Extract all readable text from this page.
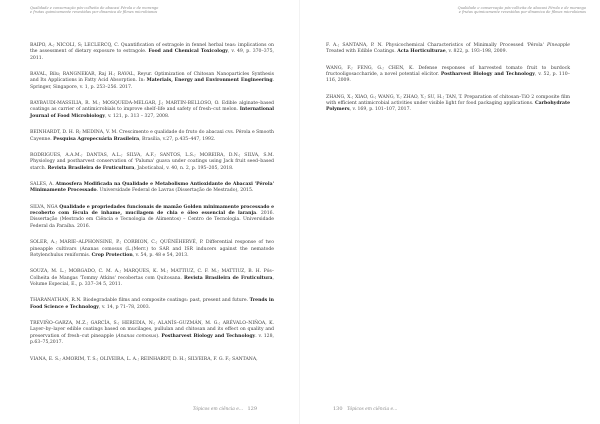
Qualidade e conservação pós-colheita de abacaxi Pérola e de morango
e frutas quimicamente revestidas por dinamica de filmes microbianos

BAIPO, A.; NICOLI, S; LECLERCQ, C. Quantification of estragole in fennel herbal teas: implications on the assessment of dietary exposure to estragole. Food and Chemical Toxicology, v. 49, p. 370–375, 2011.

BAVAL, Bilu; RANGNEKAR, Raj H.; RAVAL, Reyur. Optimization of Chitosan Nanoparticles Synthesis and Its Applications in Fatty Acid Absorption. In: Materials, Energy and Environment Engineering. Springer, Singapore, v. 1, p. 253–256. 2017.

BAYBAUDI-MASSILIA, R. M.; MOSQUEDA-MELGAR, J.; MARTIN-BELLOSO, O. Edible alginate–based coatings as carrier of antimicrobials to improve shelf–life and safety of fresh–cut melon. International Journal of Food Microbiology, v. 121, p. 313 – 327, 2008.

BEINHARDT, D. H. R; MEDINA, V. M. Crescimento e qualidade do fruto do abacaxi cvs. Pérola e Smooth Cayenne. Pesquisa Agropecuária Brasileira, Brasília, v.27, p.435–447, 1992.

RODRIGUES, A.A.M.; DANTAS, A.L.; SILVA, A.F.; SANTOS, L.S.; MOREIRA, D.N.; SILVA, S.M. Physiology and postharvest conservation of 'Paluma' guava under coatings using Jack fruit seed–based starch. Revista Brasileira de Fruticultura, Jaboticabal, v. 40, n. 2, p. 195–205, 2018.

SALES, A. Atmosfera Modificada na Qualidade e Metabolismo Antioxidante de Abacaxi 'Pérola' Minimamente Processado. Universidade Federal de Lavras (Dissertação de Mestrado), 2015.

SILVA, NGA Qualidade e propriedades funcionais de mamão Golden minimamente processado e recoberto com fécula de inhame, mucilagem de chia e óleo essencial de laranja. 2016. Dissertação (Mestrado em Ciência e Tecnologia de Alimentos) – Centro de Tecnologia. Universidade Federal da Paraíba. 2016.

SOLER, A.; MARIE–ALPHONSINE, P.; CORBION, C.; QUÉNÉHERVÉ, P. Differential response of two pineapple cultivars (Ananas comosus (L.)Merr.) to SAR and ISR inducers against the nematode Rotylenchulus reniformis. Crop Protection, v. 54, p. 48 e 54, 2013.

SOUZA, M. L.; MORGADO, C. M. A.; MARQUES, K. M.; MATTIUZ, C. F. M.; MATTIUZ, B. H. Pós–Colheita de Mangas 'Tommy Atkins' recobertas com Quitosana. Revista Brasileira de Fruticultura, Volume Especial, E., p. 337–34 5, 2011.

THARANATHAN, R.N. Biodegradable films and composite coatings: past, present and future. Trends in Food Science e Technology, v. 14, p 71–78, 2003.

TREVIÑO–GARZA, M.Z.; GARCÍA, S.; HEREDIA, N.; ALANÍS–GUZMÁN, M. G.; ARÉVALO–NIÑOA, K. Layer–by–layer edible coatings based on mucilages, pullulan and chitosan and its effect on quality and preservation of fresh–cut pineapple (Ananas comosus). Postharvest Biology and Technology. v. 128, p.63–75,2017.

VIANA, E. S.; AMORIM, T. S.; OLIVEIRA, L. A.; REINHARDT, D. H.; SILVEIRA, F. G. F.; SANTANA,

Tópicos em ciência e... 129
Qualidade e conservação pós-colheita de abacaxi Pérola e de morango
e frutas quimicamente revestidas por dinamica de filmes microbianos

F. A.; SANTANA, P. N. Physicochemical Characteristics of Minimally Processed 'Pérola' Pineapple Treated with Edible Coatings. Acta Horticulturae, v. 822, p. 193–198, 2009.

WANG, F.; FENG, G.; CHEN, K. Defense responses of harvested tomato fruit to burdock fructooligosaccharide, a novel potential elicitor. Postharvest Biology and Technology, v. 52, p. 110–116, 2009.

ZHANG, X.; XIAO, G.; WANG, Y.; ZHAO, Y.; SU, H.; TAN, T. Preparation of chitosan–TiO 2 composite film with efficient antimicrobial activities under visible light for food packaging applications. Carbohydrate Polymers, v. 169, p. 101–107, 2017.

130 Tópicos em ciência e...
